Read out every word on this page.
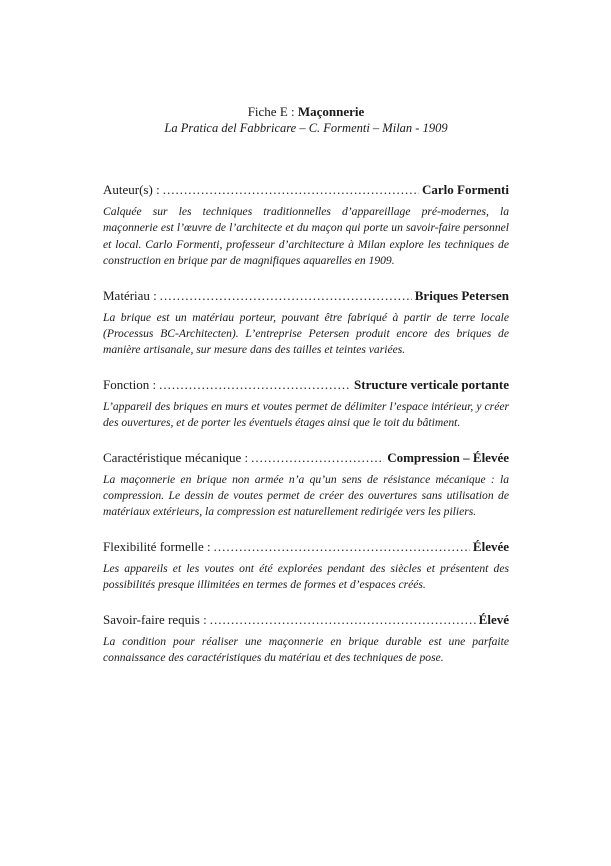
Fiche E : Maçonnerie
La Pratica del Fabbricare – C. Formenti – Milan - 1909
Auteur(s) : .....	Carlo Formenti

Calquée sur les techniques traditionnelles d’appareillage pré-modernes, la maçonnerie est l’œuvre de l’architecte et du maçon qui porte un savoir-faire personnel et local. Carlo Formenti, professeur d’architecture à Milan explore les techniques de construction en brique par de magnifiques aquarelles en 1909.

Matériau : .....	Briques Petersen

La brique est un matériau porteur, pouvant être fabriqué à partir de terre locale (Processus BC-Architecten). L’entreprise Petersen produit encore des briques de manière artisanale, sur mesure dans des tailles et teintes variées.

Fonction : .....	Structure verticale portante

L’appareil des briques en murs et voutes permet de délimiter l’espace intérieur, y créer des ouvertures, et de porter les éventuels étages ainsi que le toit du bâtiment.

Caractéristique mécanique : .....	Compression – Élevée

La maçonnerie en brique non armée n’a qu’un sens de résistance mécanique : la compression. Le dessin de voutes permet de créer des ouvertures sans utilisation de matériaux extérieurs, la compression est naturellement redirigée vers les piliers.

Flexibilité formelle : .....	Élevée

Les appareils et les voutes ont été explorées pendant des siècles et présentent des possibilités presque illimitées en termes de formes et d’espaces créés.

Savoir-faire requis : .....	Élevé

La condition pour réaliser une maçonnerie en brique durable est une parfaite connaissance des caractéristiques du matériau et des techniques de pose.
